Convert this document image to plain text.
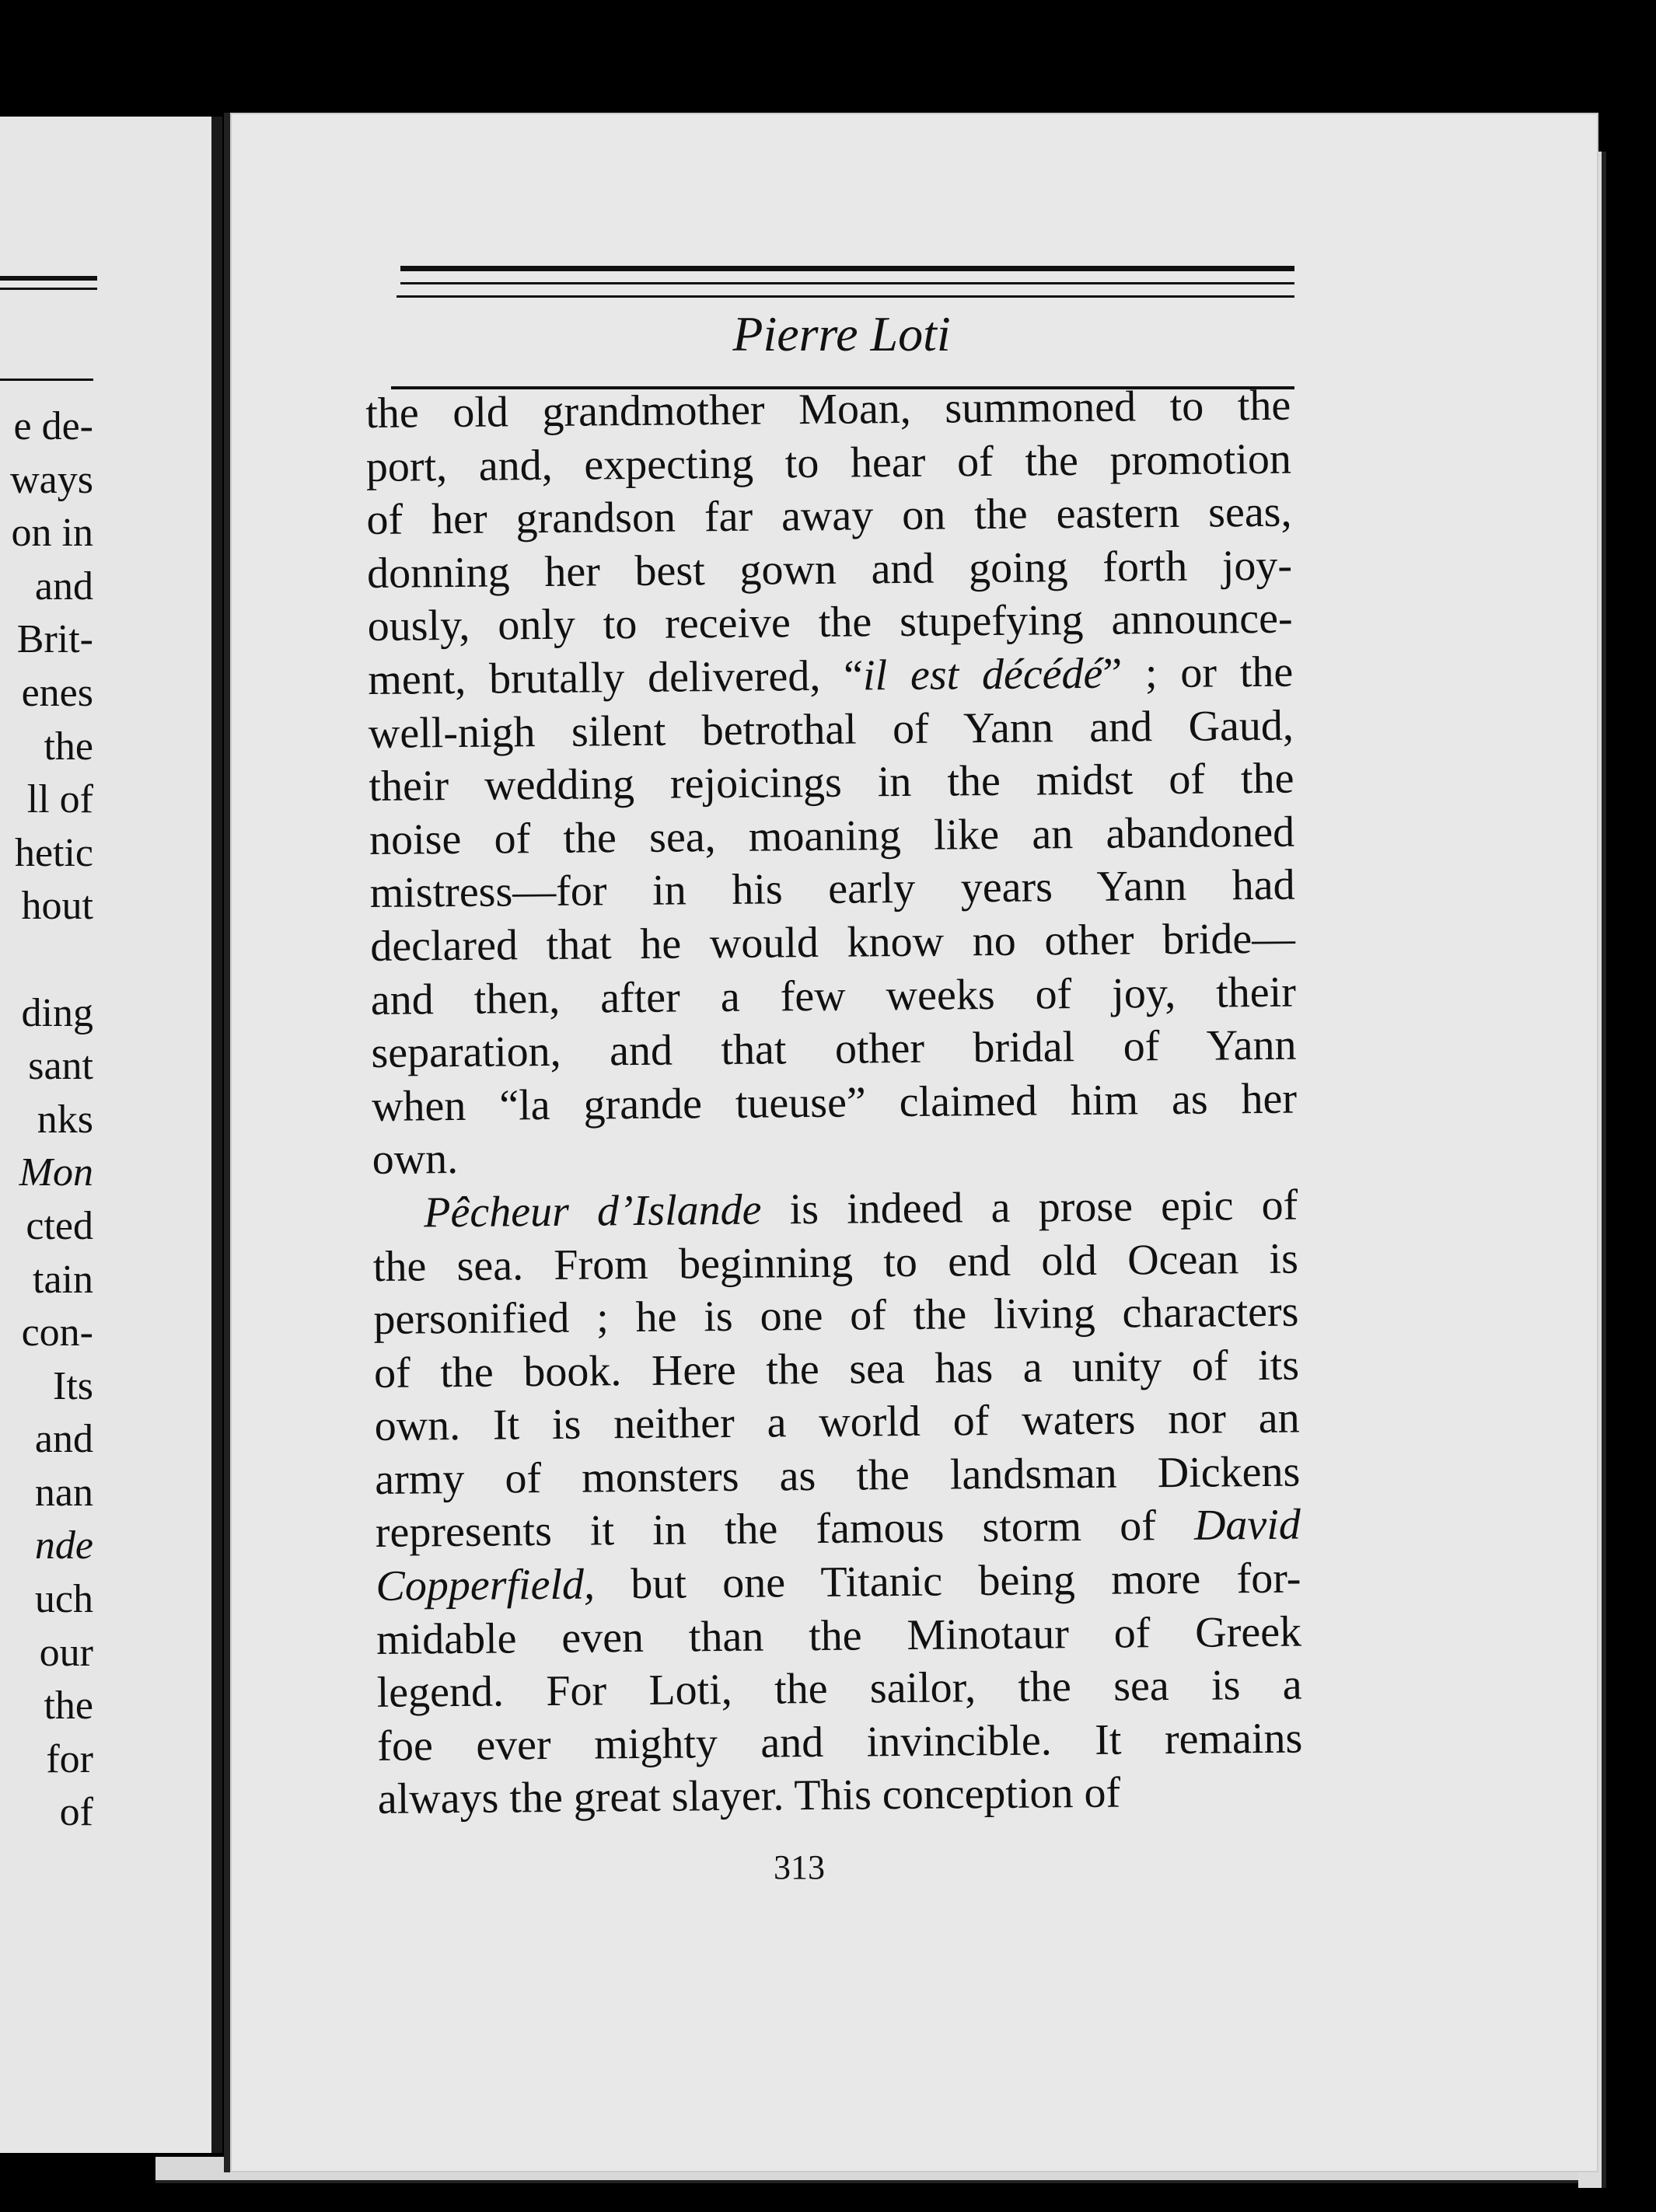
e de-
ways
on in
and
Brit-
enes
the
ll of
hetic
hout
ding
sant
nks
Mon
cted
tain
con-
Its
and
nan
nde
uch
our
the
for
of
Pierre Loti
the old grandmother Moan, summoned to the
port, and, expecting to hear of the promotion
of her grandson far away on the eastern seas,
donning her best gown and going forth joy-
ously, only to receive the stupefying announce-
ment, brutally delivered, “il est décédé” ; or the
well-nigh silent betrothal of Yann and Gaud,
their wedding rejoicings in the midst of the
noise of the sea, moaning like an abandoned
mistress—for in his early years Yann had
declared that he would know no other bride—
and then, after a few weeks of joy, their
separation, and that other bridal of Yann
when “la grande tueuse” claimed him as her
own.
Pêcheur d’Islande is indeed a prose epic of
the sea. From beginning to end old Ocean is
personified ; he is one of the living characters
of the book. Here the sea has a unity of its
own. It is neither a world of waters nor an
army of monsters as the landsman Dickens
represents it in the famous storm of David
Copperfield, but one Titanic being more for-
midable even than the Minotaur of Greek
legend. For Loti, the sailor, the sea is a
foe ever mighty and invincible. It remains
always the great slayer. This conception of
313
